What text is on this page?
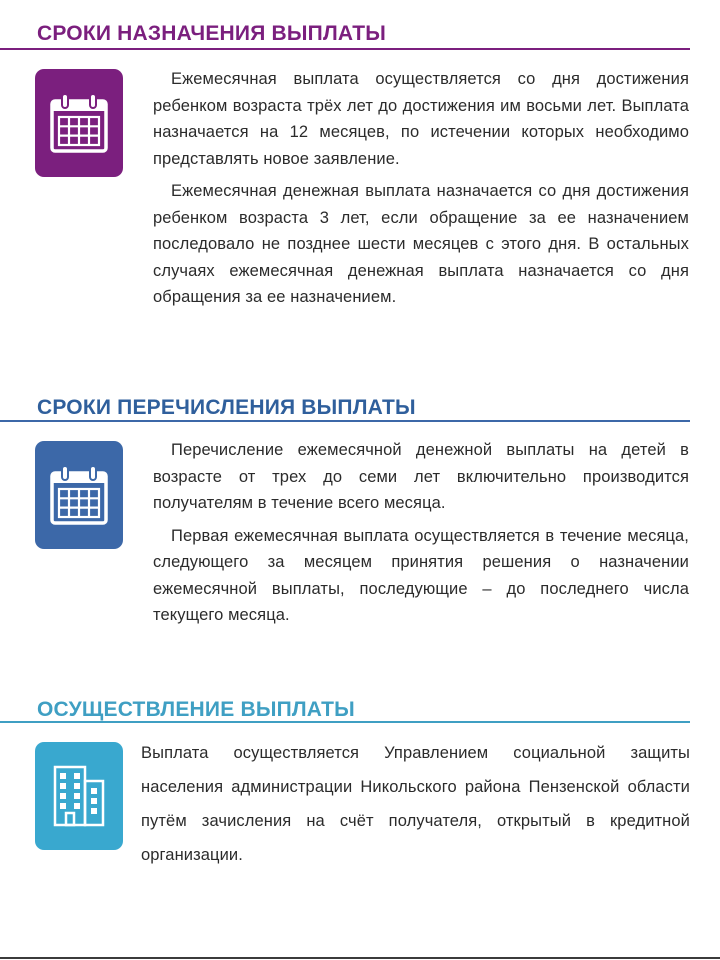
СРОКИ НАЗНАЧЕНИЯ ВЫПЛАТЫ

Ежемесячная выплата осуществляется со дня достижения ребенком возраста трёх лет до достижения им восьми лет. Выплата назначается на 12 месяцев, по истечении которых необходимо представлять новое заявление.

Ежемесячная денежная выплата назначается со дня достижения ребенком возраста 3 лет, если обращение за ее назначением последовало не позднее шести месяцев с этого дня. В остальных случаях ежемесячная денежная выплата назначается со дня обращения за ее назначением.

СРОКИ ПЕРЕЧИСЛЕНИЯ ВЫПЛАТЫ

Перечисление ежемесячной денежной выплаты на детей в возрасте от трех до семи лет включительно производится получателям в течение всего месяца.

Первая ежемесячная выплата осуществляется в течение месяца, следующего за месяцем принятия решения о назначении ежемесячной выплаты, последующие – до последнего числа текущего месяца.

ОСУЩЕСТВЛЕНИЕ ВЫПЛАТЫ

Выплата осуществляется Управлением социальной защиты населения администрации Никольского района Пензенской области путём зачисления на счёт получателя, открытый в кредитной организации.
